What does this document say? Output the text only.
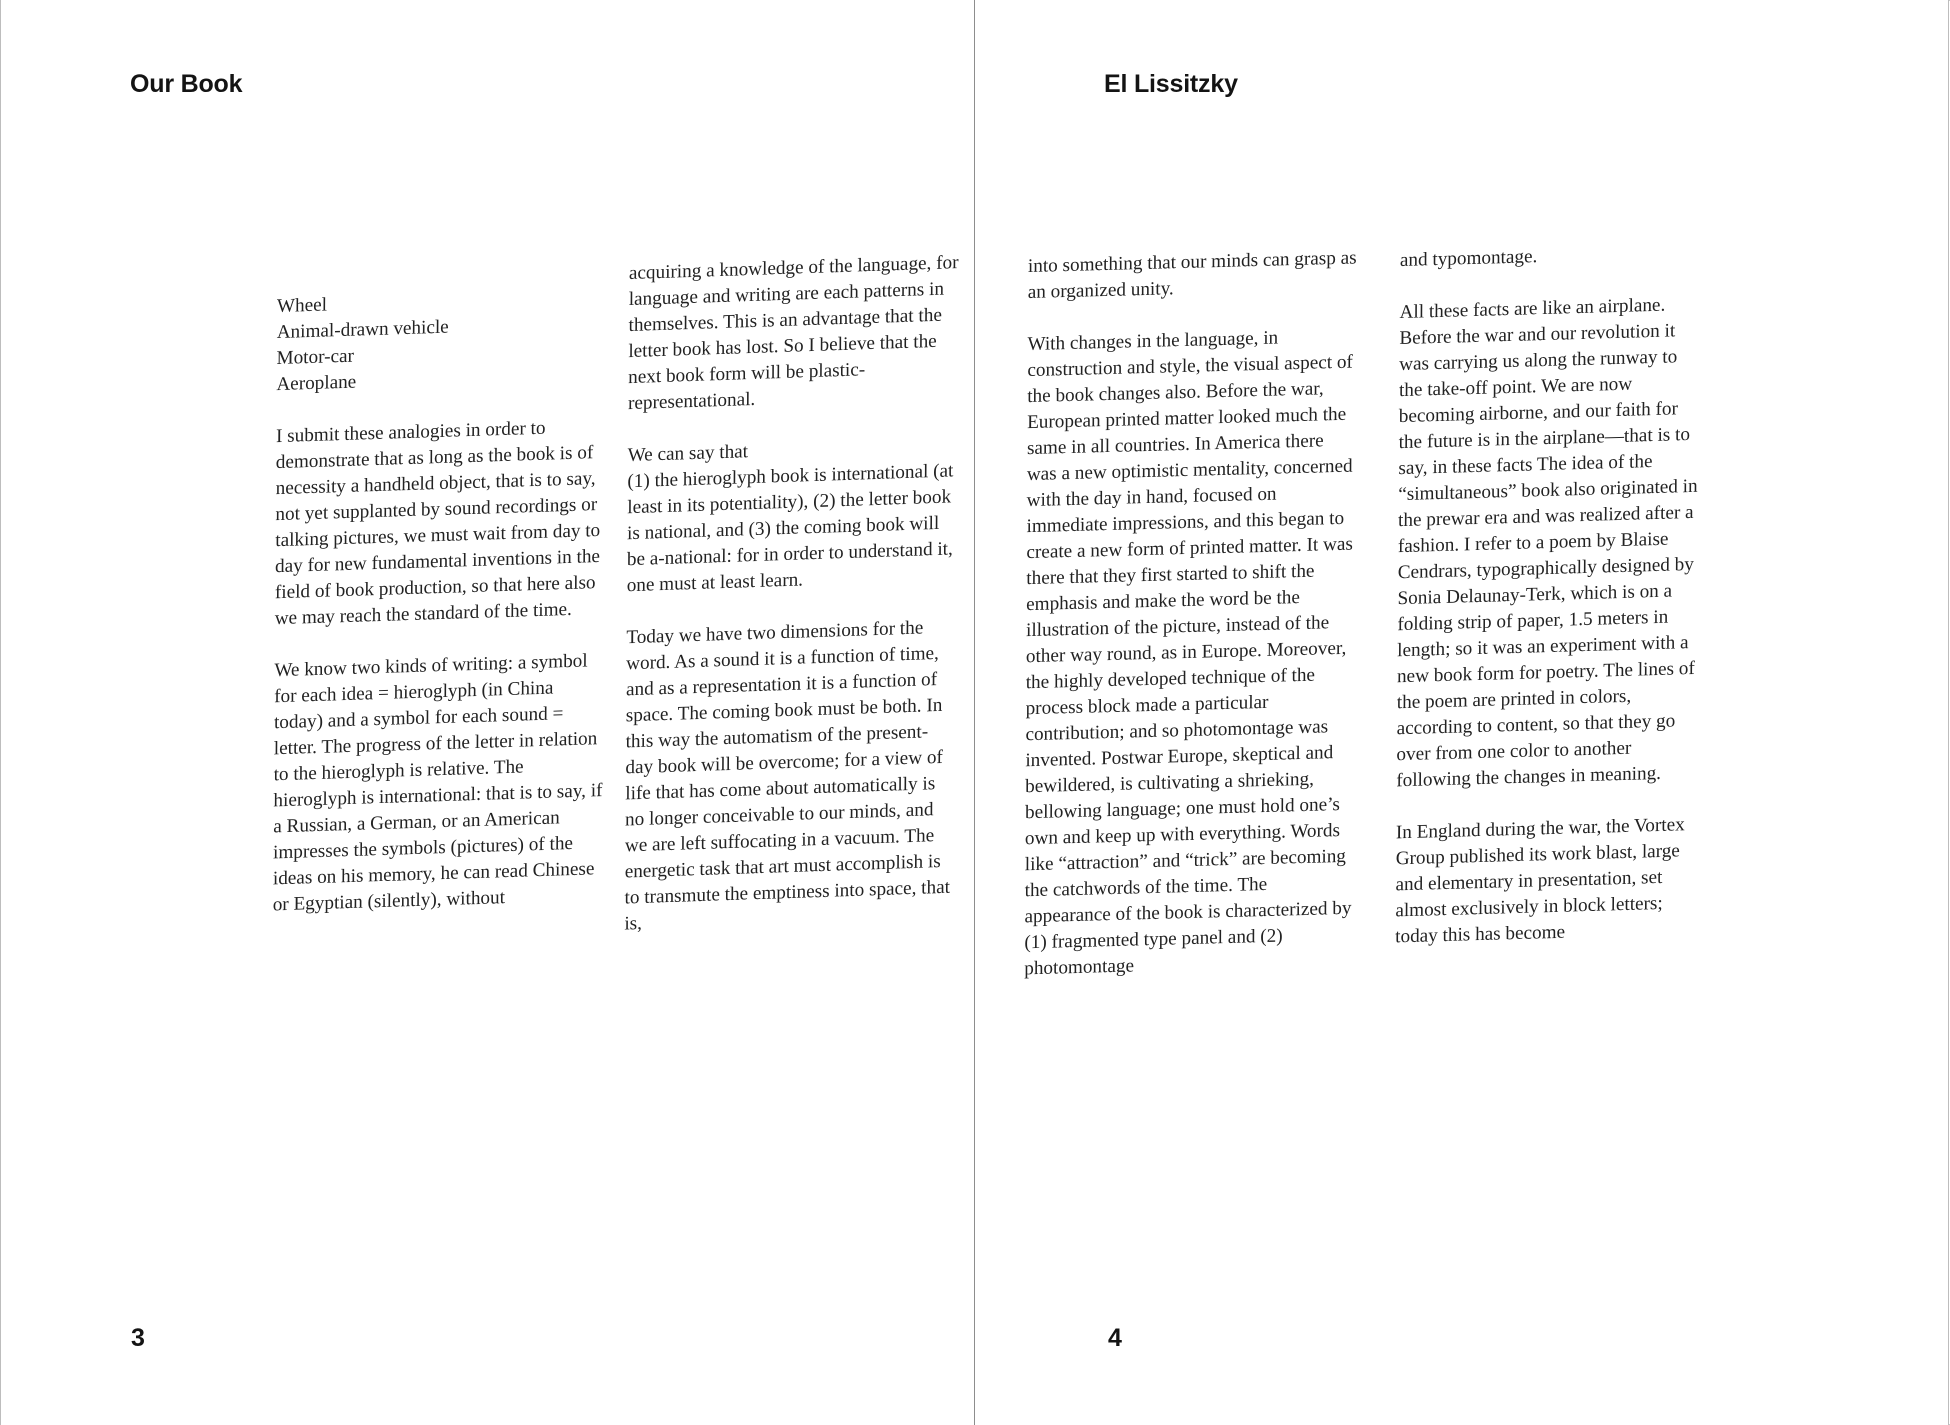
Our Book
Wheel
Animal-drawn vehicle
Motor-car
Aeroplane

I submit these analogies in order to demonstrate that as long as the book is of necessity a handheld object, that is to say, not yet supplanted by sound recordings or talking pictures, we must wait from day to day for new fundamental inventions in the field of book production, so that here also we may reach the standard of the time.

We know two kinds of writing: a symbol for each idea = hieroglyph (in China today) and a symbol for each sound = letter. The progress of the letter in relation to the hieroglyph is relative. The hieroglyph is international: that is to say, if a Russian, a German, or an American impresses the symbols (pictures) of the ideas on his memory, he can read Chinese or Egyptian (silently), without

acquiring a knowledge of the language, for language and writing are each patterns in themselves. This is an advantage that the letter book has lost. So I believe that the next book form will be plastic-representational.

We can say that
(1) the hieroglyph book is international (at least in its potentiality), (2) the letter book is national, and (3) the coming book will be a-national: for in order to understand it, one must at least learn.

Today we have two dimensions for the word. As a sound it is a function of time, and as a representation it is a function of space. The coming book must be both. In this way the automatism of the present-day book will be overcome; for a view of life that has come about automatically is no longer conceivable to our minds, and we are left suffocating in a vacuum. The energetic task that art must accomplish is to transmute the emptiness into space, that is,

3
El Lissitzky
4

into something that our minds can grasp as an organized unity.

With changes in the language, in construction and style, the visual aspect of the book changes also. Before the war, European printed matter looked much the same in all countries. In America there was a new optimistic mentality, concerned with the day in hand, focused on immediate impressions, and this began to create a new form of printed matter. It was there that they first started to shift the emphasis and make the word be the illustration of the picture, instead of the other way round, as in Europe. Moreover, the highly developed technique of the process block made a particular contribution; and so photomontage was invented. Postwar Europe, skeptical and bewildered, is cultivating a shrieking, bellowing language; one must hold one’s own and keep up with everything. Words like “attraction” and “trick” are becoming the catchwords of the time. The appearance of the book is characterized by (1) fragmented type panel and (2) photomontage

and typomontage.

All these facts are like an airplane. Before the war and our revolution it was carrying us along the runway to the take-off point. We are now becoming airborne, and our faith for the future is in the airplane—that is to say, in these facts The idea of the “simultaneous” book also originated in the prewar era and was realized after a fashion. I refer to a poem by Blaise Cendrars, typographically designed by Sonia Delaunay-Terk, which is on a folding strip of paper, 1.5 meters in length; so it was an experiment with a new book form for poetry. The lines of the poem are printed in colors, according to content, so that they go over from one color to another following the changes in meaning.

In England during the war, the Vortex Group published its work blast, large and elementary in presentation, set almost exclusively in block letters; today this has become
